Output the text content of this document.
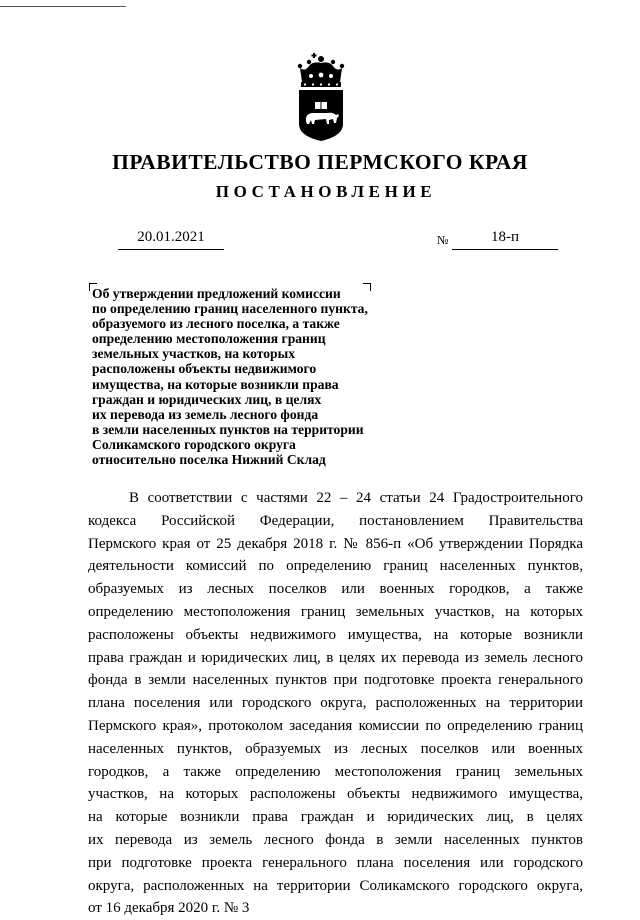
ПРАВИТЕЛЬСТВО ПЕРМСКОГО КРАЯ
ПОСТАНОВЛЕНИЕ
20.01.2021	№	18-п
Об утверждении предложений комиссии
по определению границ населенного пункта,
образуемого из лесного поселка, а также
определению местоположения границ
земельных участков, на которых
расположены объекты недвижимого
имущества, на которые возникли права
граждан и юридических лиц, в целях
их перевода из земель лесного фонда
в земли населенных пунктов на территории
Соликамского городского округа
относительно поселка Нижний Склад
В соответствии с частями 22 – 24 статьи 24 Градостроительного
кодекса Российской Федерации, постановлением Правительства
Пермского края от 25 декабря 2018 г. № 856-п «Об утверждении Порядка
деятельности комиссий по определению границ населенных пунктов,
образуемых из лесных поселков или военных городков, а также
определению местоположения границ земельных участков, на которых
расположены объекты недвижимого имущества, на которые возникли
права граждан и юридических лиц, в целях их перевода из земель лесного
фонда в земли населенных пунктов при подготовке проекта генерального
плана поселения или городского округа, расположенных на территории
Пермского края», протоколом заседания комиссии по определению границ
населенных пунктов, образуемых из лесных поселков или военных
городков, а также определению местоположения границ земельных
участков, на которых расположены объекты недвижимого имущества,
на которые возникли права граждан и юридических лиц, в целях
их перевода из земель лесного фонда в земли населенных пунктов
при подготовке проекта генерального плана поселения или городского
округа, расположенных на территории Соликамского городского округа,
от 16 декабря 2020 г. № 3
